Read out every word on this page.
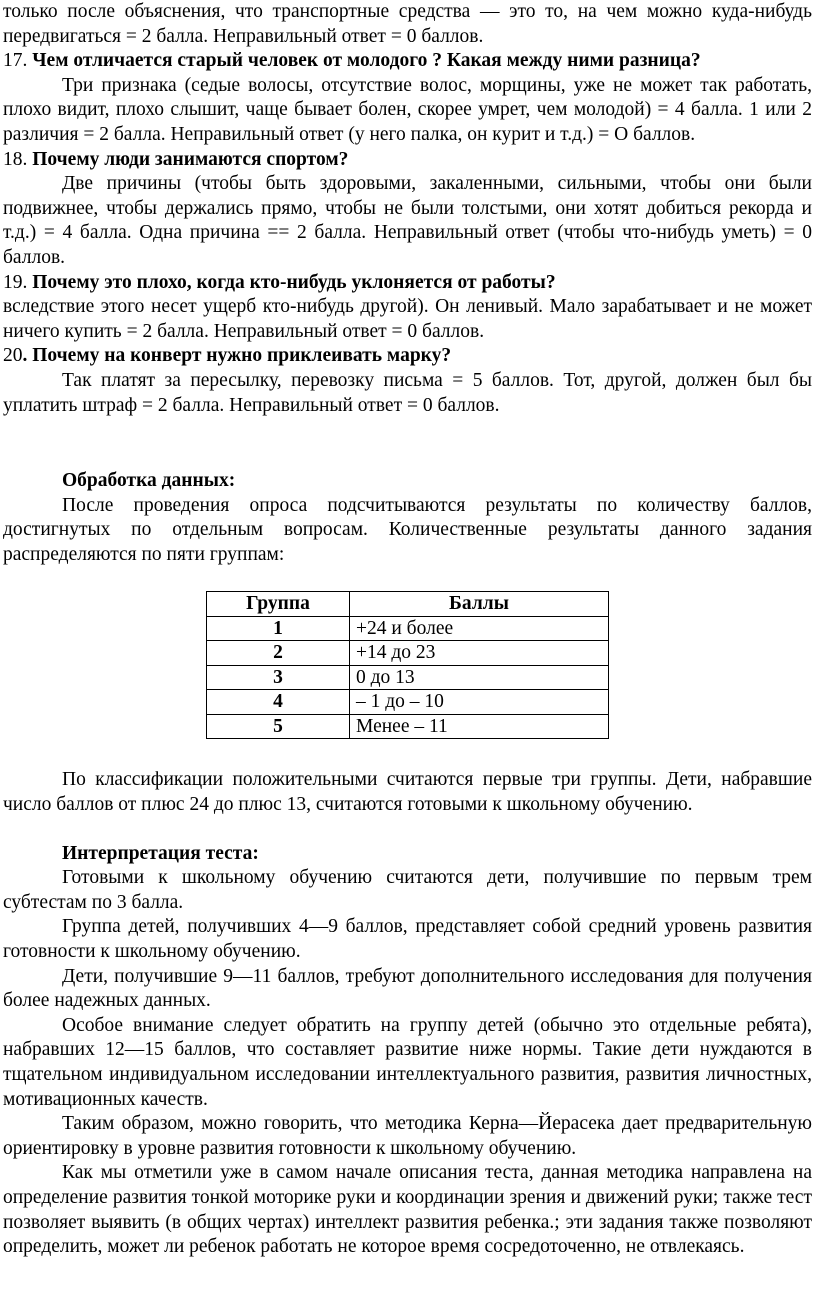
только после объяснения, что транспортные средства — это то, на чем можно куда-нибудь передвигаться = 2 балла. Неправильный ответ = 0 баллов.

17. Чем отличается старый человек от молодого ? Какая между ними разница?

Три признака (седые волосы, отсутствие волос, морщины, уже не может так работать, плохо видит, плохо слышит, чаще бывает болен, скорее умрет, чем молодой) = 4 балла. 1 или 2 различия = 2 балла. Неправильный ответ (у него палка, он курит и т.д.) = О баллов.

18. Почему люди занимаются спортом?

Две причины (чтобы быть здоровыми, закаленными, сильными, чтобы они были подвижнее, чтобы держались прямо, чтобы не были толстыми, они хотят добиться рекорда и т.д.) = 4 балла. Одна причина == 2 балла. Неправильный ответ (чтобы что-нибудь уметь) = 0 баллов.

19. Почему это плохо, когда кто-нибудь уклоняется от работы?

вследствие этого несет ущерб кто-нибудь другой). Он ленивый. Мало зарабатывает и не может ничего купить = 2 балла. Неправильный ответ = 0 баллов.

20. Почему на конверт нужно приклеивать марку?

Так платят за пересылку, перевозку письма = 5 баллов. Тот, другой, должен был бы уплатить штраф = 2 балла. Неправильный ответ = 0 баллов.

Обработка данных:

После проведения опроса подсчитываются результаты по количеству баллов, достигнутых по отдельным вопросам. Количественные результаты данного задания распределяются по пяти группам:

Группа	Баллы
1	+24 и более
2	+14 до 23
3	0 до 13
4	– 1 до – 10
5	Менее – 11

По классификации положительными считаются первые три группы. Дети, набравшие число баллов от плюс 24 до плюс 13, считаются готовыми к школьному обучению.

Интерпретация теста:

Готовыми к школьному обучению считаются дети, получившие по первым трем субтестам по 3 балла.

Группа детей, получивших 4—9 баллов, представляет собой средний уровень развития готовности к школьному обучению.

Дети, получившие 9—11 баллов, требуют дополнительного исследования для получения более надежных данных.

Особое внимание следует обратить на группу детей (обычно это отдельные ребята), набравших 12—15 баллов, что составляет развитие ниже нормы. Такие дети нуждаются в тщательном индивидуальном исследовании интеллектуального развития, развития личностных, мотивационных качеств.

Таким образом, можно говорить, что методика Керна—Йерасека дает предварительную ориентировку в уровне развития готовности к школьному обучению.

Как мы отметили уже в самом начале описания теста, данная методика направлена на определение развития тонкой моторике руки и координации зрения и движений руки; также тест позволяет выявить (в общих чертах) интеллект развития ребенка.; эти задания также позволяют определить, может ли ребенок работать не которое время сосредоточенно, не отвлекаясь.
